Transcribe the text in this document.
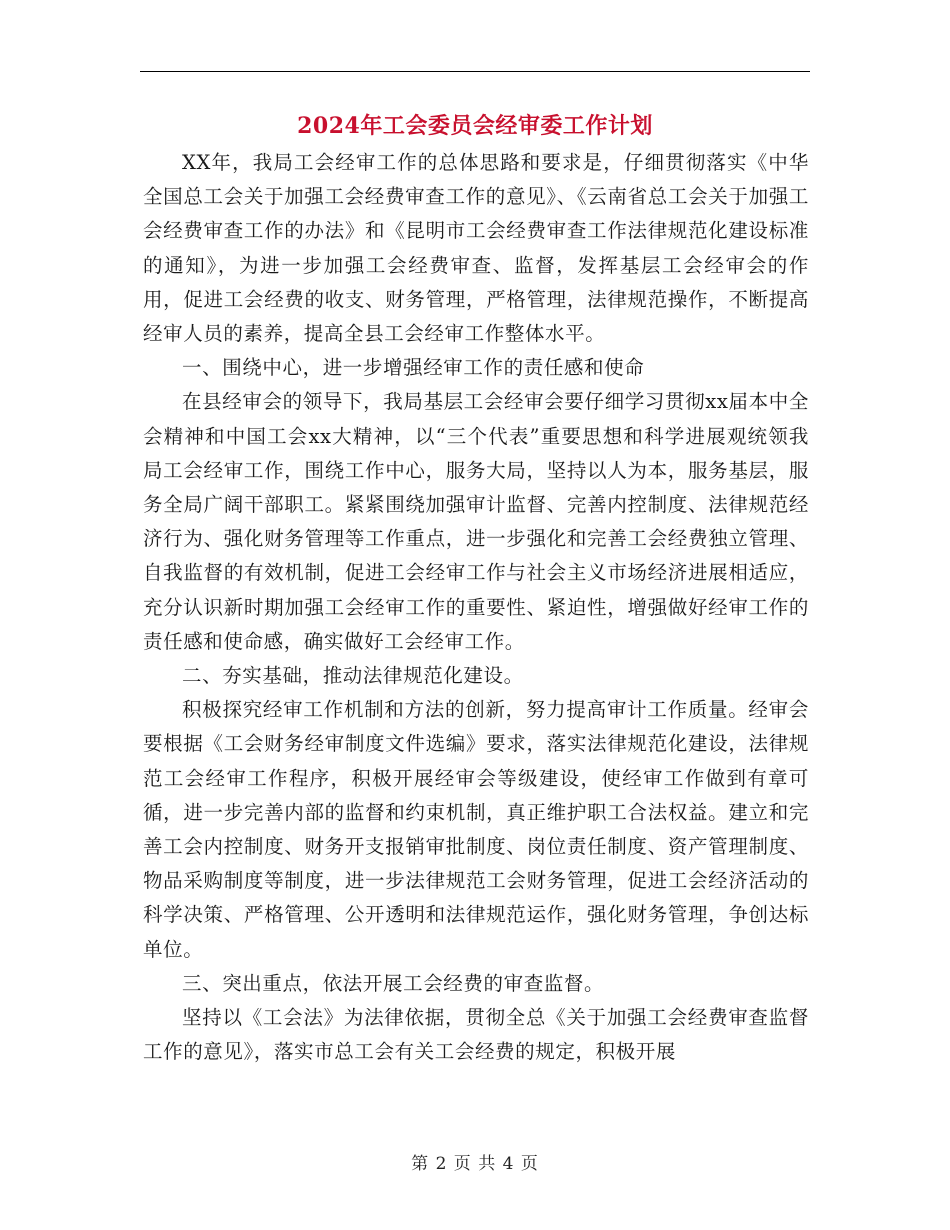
2024年工会委员会经审委工作计划

XX年，我局工会经审工作的总体思路和要求是，仔细贯彻落实《中华全国总工会关于加强工会经费审查工作的意见》、《云南省总工会关于加强工会经费审查工作的办法》和《昆明市工会经费审查工作法律规范化建设标准的通知》，为进一步加强工会经费审查、监督，发挥基层工会经审会的作用，促进工会经费的收支、财务管理，严格管理，法律规范操作，不断提高经审人员的素养，提高全县工会经审工作整体水平。

一、围绕中心，进一步增强经审工作的责任感和使命

在县经审会的领导下，我局基层工会经审会要仔细学习贯彻xx届本中全会精神和中国工会xx大精神，以“三个代表”重要思想和科学进展观统领我局工会经审工作，围绕工作中心，服务大局，坚持以人为本，服务基层，服务全局广阔干部职工。紧紧围绕加强审计监督、完善内控制度、法律规范经济行为、强化财务管理等工作重点，进一步强化和完善工会经费独立管理、自我监督的有效机制，促进工会经审工作与社会主义市场经济进展相适应，充分认识新时期加强工会经审工作的重要性、紧迫性，增强做好经审工作的责任感和使命感，确实做好工会经审工作。

二、夯实基础，推动法律规范化建设。

积极探究经审工作机制和方法的创新，努力提高审计工作质量。经审会要根据《工会财务经审制度文件选编》要求，落实法律规范化建设，法律规范工会经审工作程序，积极开展经审会等级建设，使经审工作做到有章可循，进一步完善内部的监督和约束机制，真正维护职工合法权益。建立和完善工会内控制度、财务开支报销审批制度、岗位责任制度、资产管理制度、物品采购制度等制度，进一步法律规范工会财务管理，促进工会经济活动的科学决策、严格管理、公开透明和法律规范运作，强化财务管理，争创达标单位。

三、突出重点，依法开展工会经费的审查监督。

坚持以《工会法》为法律依据，贯彻全总《关于加强工会经费审查监督工作的意见》，落实市总工会有关工会经费的规定，积极开展

第 2 页 共 4 页
